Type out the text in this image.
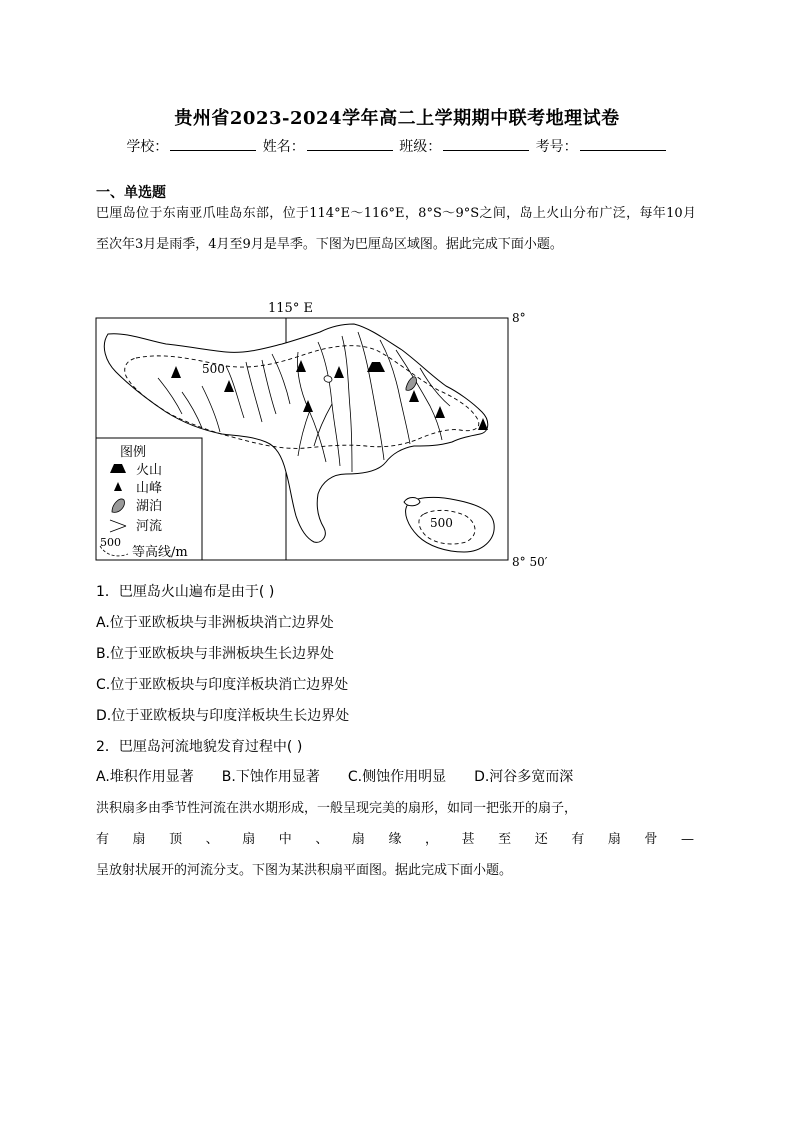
贵州省2023-2024学年高二上学期期中联考地理试卷
学校：	姓名：	班级：	考号：
一、单选题
巴厘岛位于东南亚爪哇岛东部，位于114°E～116°E，8°S～9°S之间，岛上火山分布广泛，每年10月至次年3月是雨季，4月至9月是旱季。下图为巴厘岛区域图。据此完成下面小题。
115° E
8°
8° 50′
500
500
图例
火山
山峰
湖泊
河流
500
等高线/m
1．巴厘岛火山遍布是由于( )
A.位于亚欧板块与非洲板块消亡边界处
B.位于亚欧板块与非洲板块生长边界处
C.位于亚欧板块与印度洋板块消亡边界处
D.位于亚欧板块与印度洋板块生长边界处
2．巴厘岛河流地貌发育过程中( )
A.堆积作用显著 B.下蚀作用显著 C.侧蚀作用明显 D.河谷多宽而深
洪积扇多由季节性河流在洪水期形成，一般呈现完美的扇形，如同一把张开的扇子，
有扇顶、扇中、扇缘，甚至还有扇骨—
呈放射状展开的河流分支。下图为某洪积扇平面图。据此完成下面小题。
